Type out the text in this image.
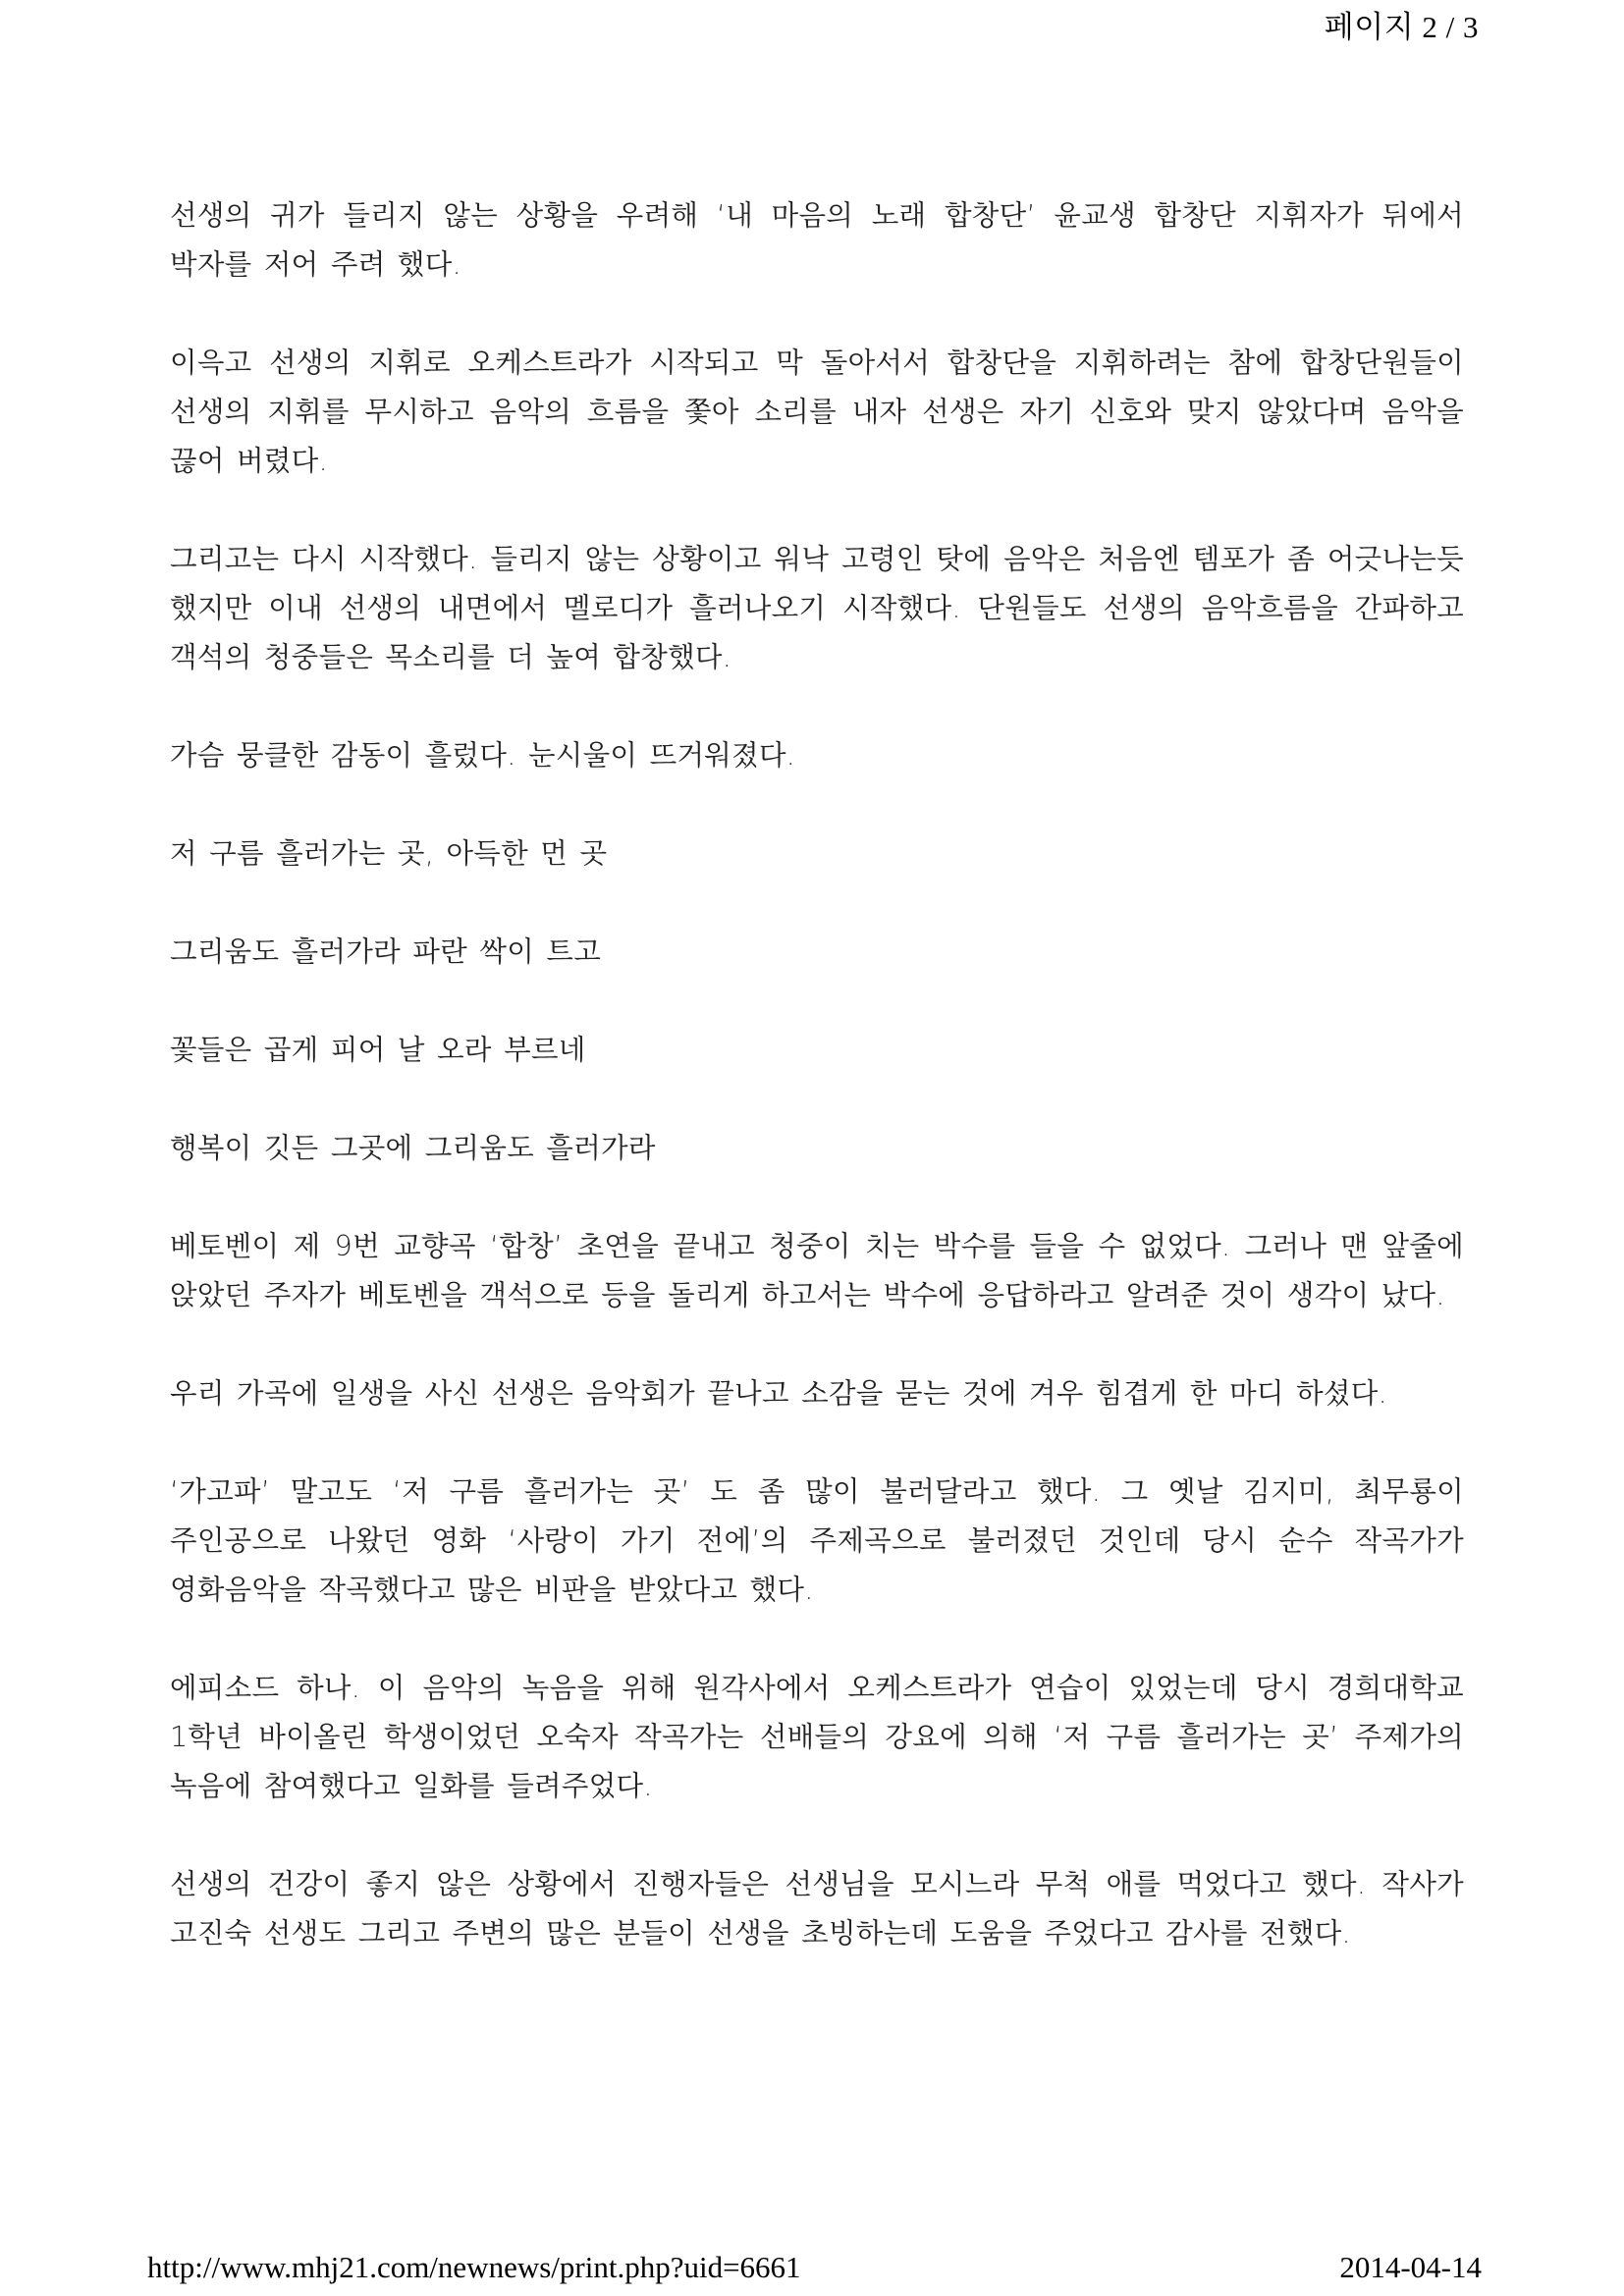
페이지 2 / 3

선생의 귀가 들리지 않는 상황을 우려해 ‘내 마음의 노래 합창단’ 윤교생 합창단 지휘자가 뒤에서 박자를 저어 주려 했다.

이윽고 선생의 지휘로 오케스트라가 시작되고 막 돌아서서 합창단을 지휘하려는 참에 합창단원들이 선생의 지휘를 무시하고 음악의 흐름을 쫓아 소리를 내자 선생은 자기 신호와 맞지 않았다며 음악을 끊어 버렸다.

그리고는 다시 시작했다. 들리지 않는 상황이고 워낙 고령인 탓에 음악은 처음엔 템포가 좀 어긋나는듯 했지만 이내 선생의 내면에서 멜로디가 흘러나오기 시작했다. 단원들도 선생의 음악흐름을 간파하고 객석의 청중들은 목소리를 더 높여 합창했다.

가슴 뭉클한 감동이 흘렀다. 눈시울이 뜨거워졌다.

저 구름 흘러가는 곳, 아득한 먼 곳

그리움도 흘러가라 파란 싹이 트고

꽃들은 곱게 피어 날 오라 부르네

행복이 깃든 그곳에 그리움도 흘러가라

베토벤이 제 9번 교향곡 ‘합창’ 초연을 끝내고 청중이 치는 박수를 들을 수 없었다. 그러나 맨 앞줄에 앉았던 주자가 베토벤을 객석으로 등을 돌리게 하고서는 박수에 응답하라고 알려준 것이 생각이 났다.

우리 가곡에 일생을 사신 선생은 음악회가 끝나고 소감을 묻는 것에 겨우 힘겹게 한 마디 하셨다.

‘가고파’ 말고도 ‘저 구름 흘러가는 곳’ 도 좀 많이 불러달라고 했다. 그 옛날 김지미, 최무룡이 주인공으로 나왔던 영화 ‘사랑이 가기 전에’의 주제곡으로 불러졌던 것인데 당시 순수 작곡가가 영화음악을 작곡했다고 많은 비판을 받았다고 했다.

에피소드 하나. 이 음악의 녹음을 위해 원각사에서 오케스트라가 연습이 있었는데 당시 경희대학교 1학년 바이올린 학생이었던 오숙자 작곡가는 선배들의 강요에 의해 ‘저 구름 흘러가는 곳’ 주제가의 녹음에 참여했다고 일화를 들려주었다.

선생의 건강이 좋지 않은 상황에서 진행자들은 선생님을 모시느라 무척 애를 먹었다고 했다. 작사가 고진숙 선생도 그리고 주변의 많은 분들이 선생을 초빙하는데 도움을 주었다고 감사를 전했다.

http://www.mhj21.com/newnews/print.php?uid=6661	2014-04-14
